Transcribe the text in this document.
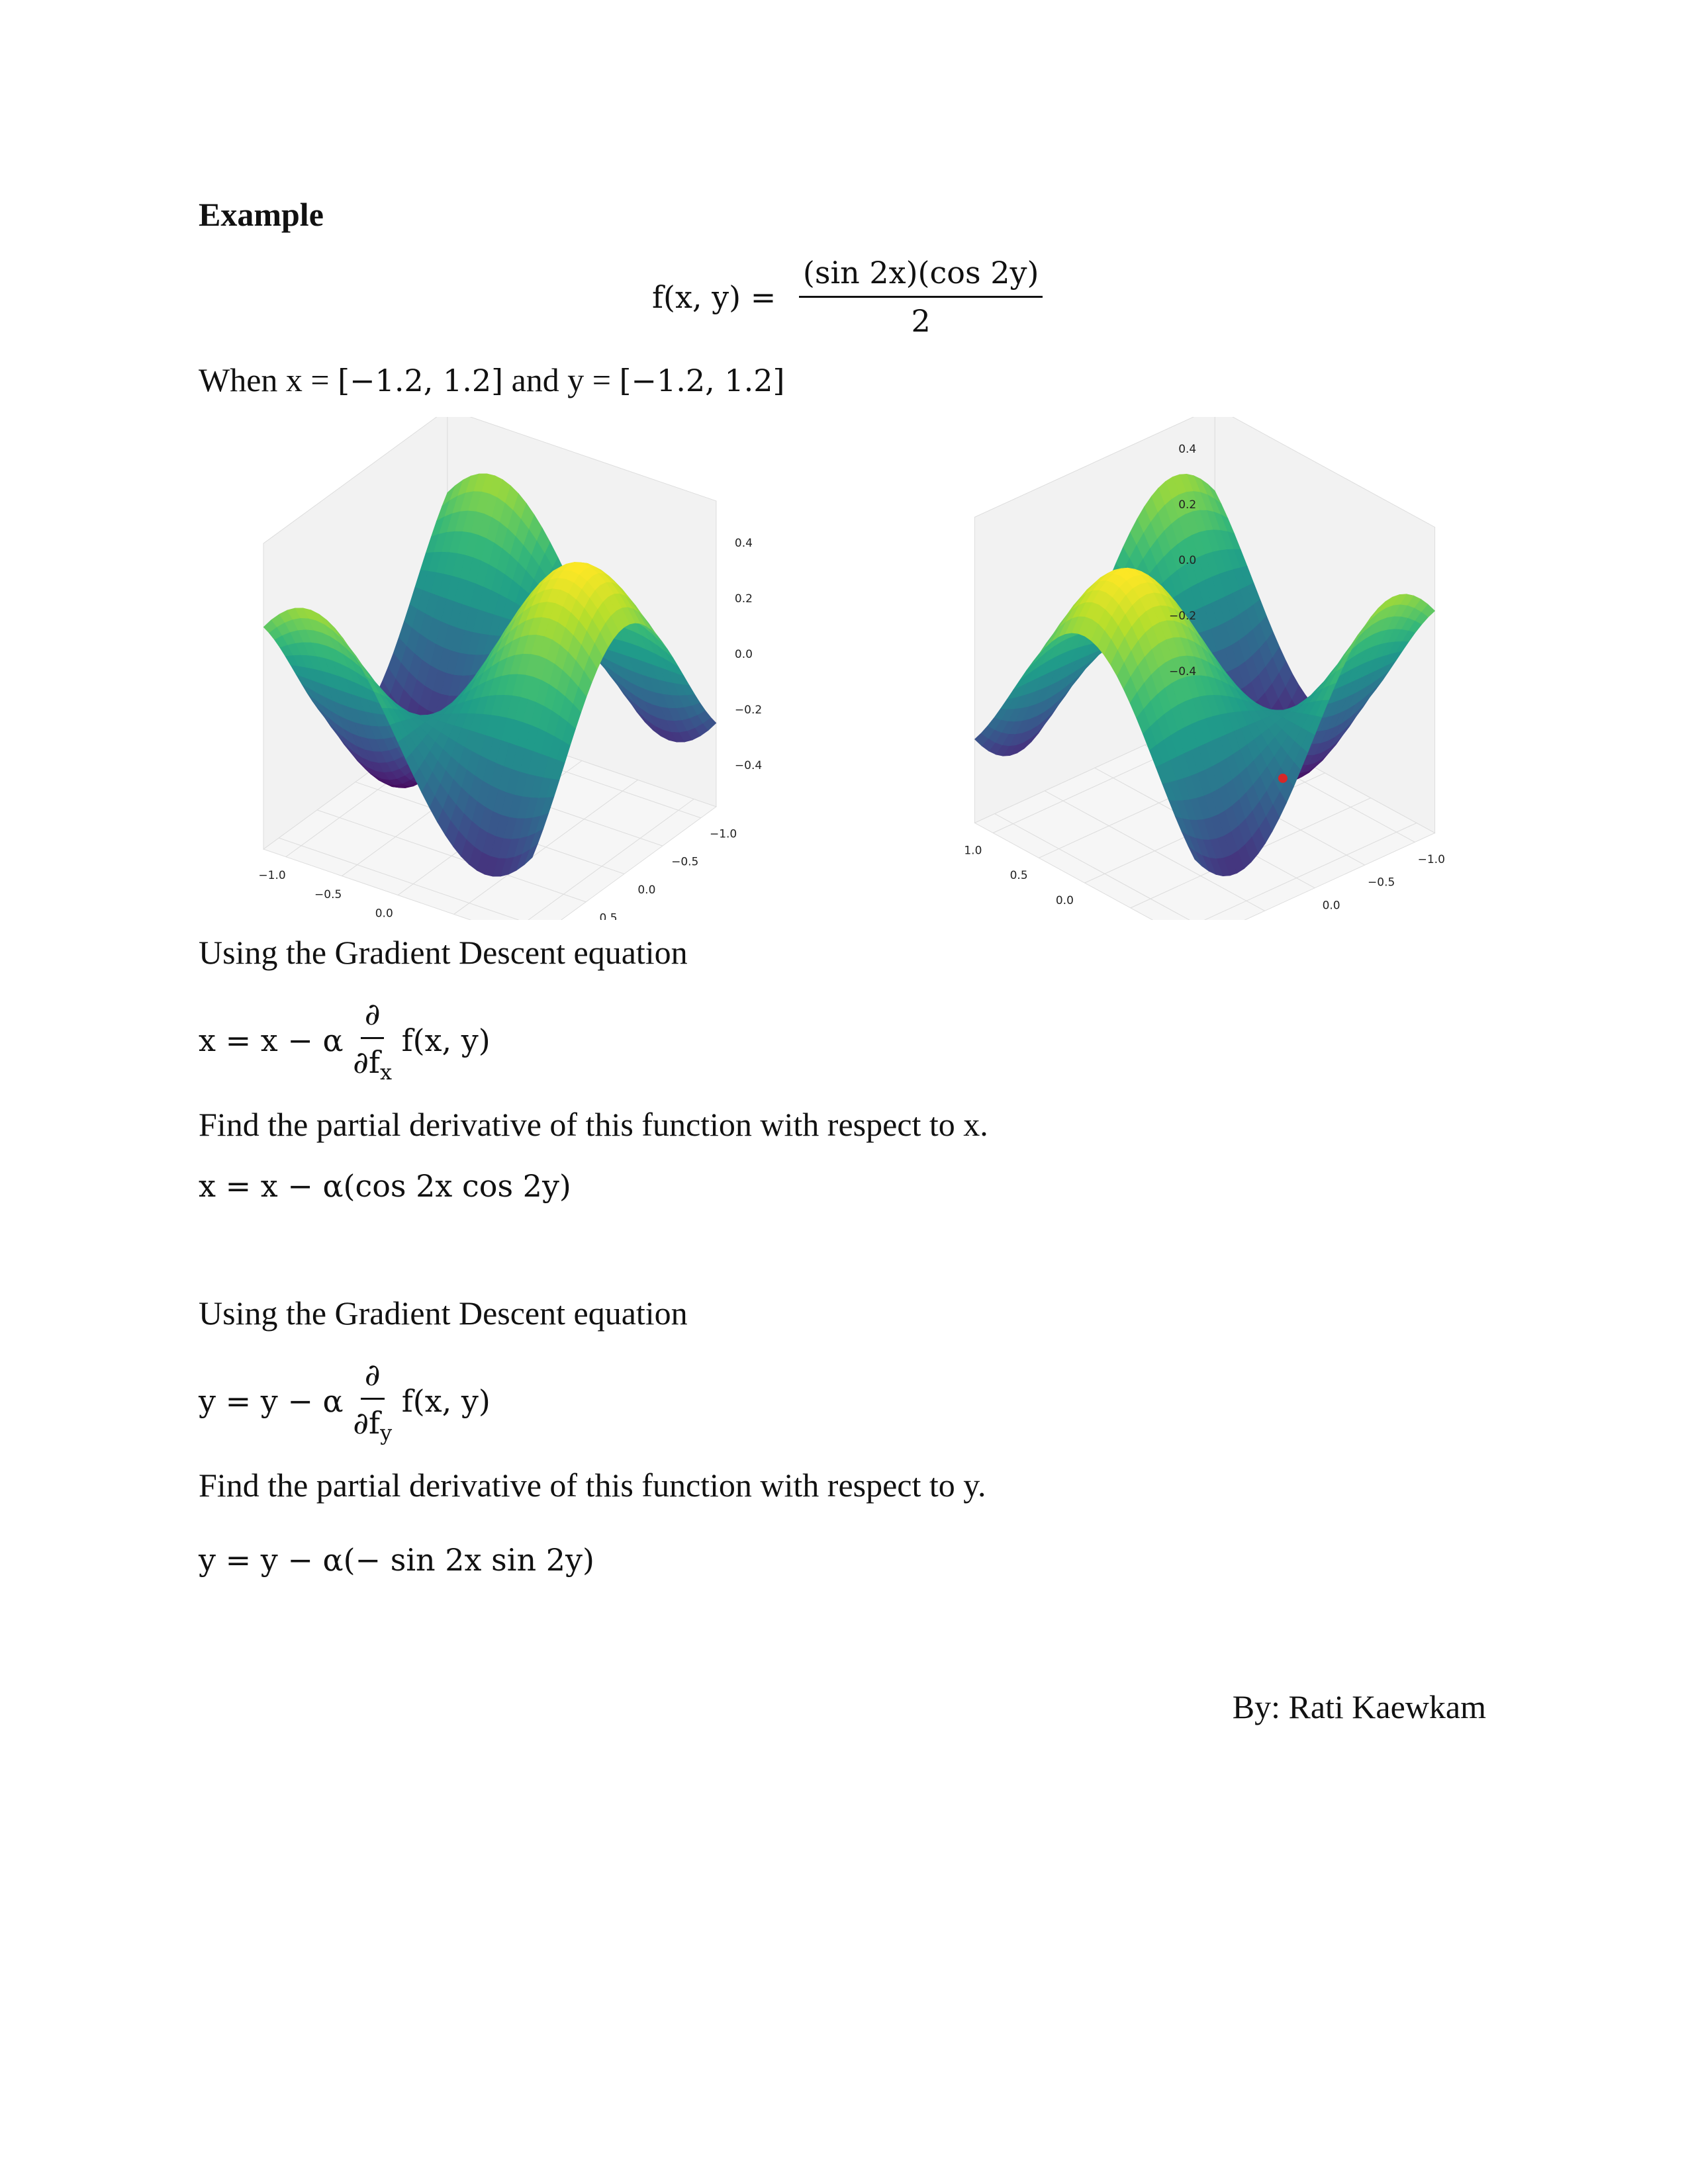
Example
f(x, $y) = \frac{(\sin 2x)(\cos 2y)}{2}$
When x = [−1.2, 1.2] and y = [−1.2, 1.2]
−1.0
−0.5
0.0
−1.0
−0.5
0.0
0.5
0.4
0.2
0.0
−0.2
−0.4
0.0
−0.5
−1.0
0.0
0.5
1.0
0.4
0.2
0.0
−0.2
−0.4
Using the Gradient Descent equation
x = x − α $\frac{\partial}{\partial f_x} f(x$, y)
Find the partial derivative of this function with respect to x.
x = x − α(cos 2x cos 2y)
Using the Gradient Descent equation
y = y − α $\frac{\partial}{\partial f_y} f(x$, y)
Find the partial derivative of this function with respect to y.
y = y − α(− sin 2x sin 2y)
By: Rati Kaewkam
